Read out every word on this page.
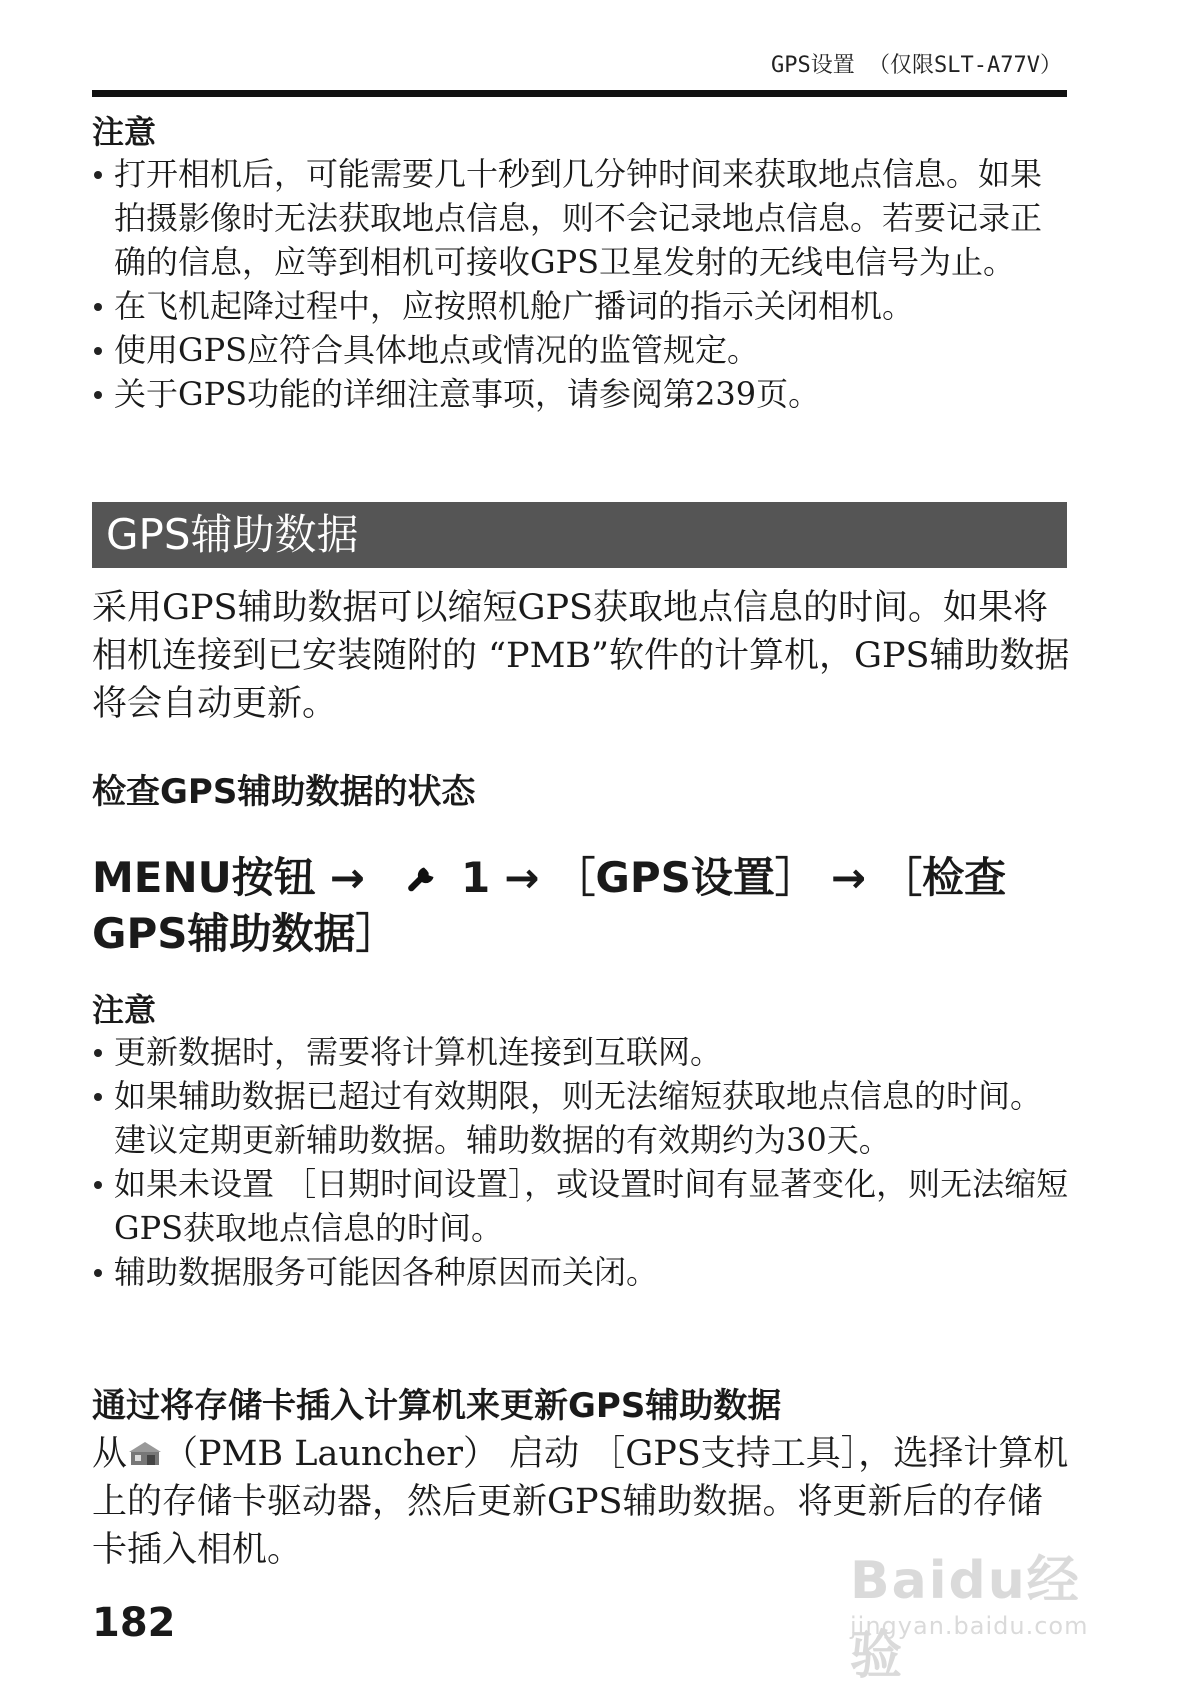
GPS设置 （仅限SLT-A77V）
注意
打开相机后，可能需要几十秒到几分钟时间来获取地点信息。如果拍摄影像时无法获取地点信息，则不会记录地点信息。若要记录正确的信息，应等到相机可接收GPS卫星发射的无线电信号为止。
在飞机起降过程中，应按照机舱广播词的指示关闭相机。
使用GPS应符合具体地点或情况的监管规定。
关于GPS功能的详细注意事项，请参阅第239页。
GPS辅助数据

采用GPS辅助数据可以缩短GPS获取地点信息的时间。如果将相机连接到已安装随附的 “PMB”软件的计算机，GPS辅助数据将会自动更新。

检查GPS辅助数据的状态
MENU按钮 → 1 → ［GPS设置］ → ［检查GPS辅助数据］
注意
更新数据时，需要将计算机连接到互联网。
如果辅助数据已超过有效期限，则无法缩短获取地点信息的时间。建议定期更新辅助数据。辅助数据的有效期约为30天。
如果未设置 ［日期时间设置］，或设置时间有显著变化，则无法缩短GPS获取地点信息的时间。
辅助数据服务可能因各种原因而关闭。
通过将存储卡插入计算机来更新GPS辅助数据

从 （PMB Launcher） 启动 ［GPS支持工具］，选择计算机上的存储卡驱动器，然后更新GPS辅助数据。将更新后的存储卡插入相机。

182
Baidu经验
jingyan.baidu.com
